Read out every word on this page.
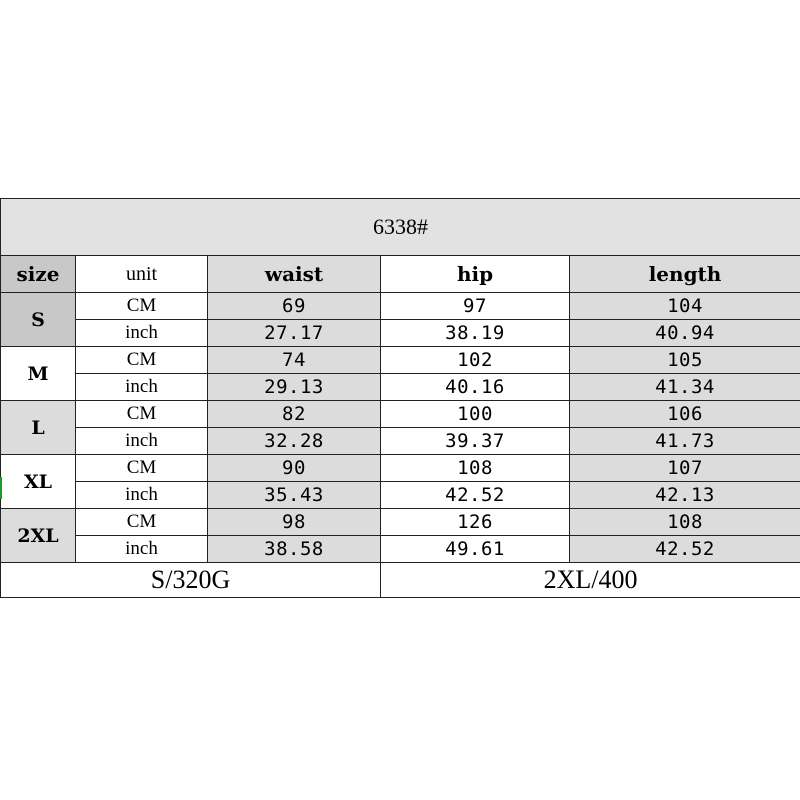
6338#				
size	unit	waist	hip	length
S	CM	69	97	104
	inch	27.17	38.19	40.94
M	CM	74	102	105
	inch	29.13	40.16	41.34
L	CM	82	100	106
	inch	32.28	39.37	41.73
XL	CM	90	108	107
	inch	35.43	42.52	42.13
2XL	CM	98	126	108
	inch	38.58	49.61	42.52
S/320G			2XL/400	
